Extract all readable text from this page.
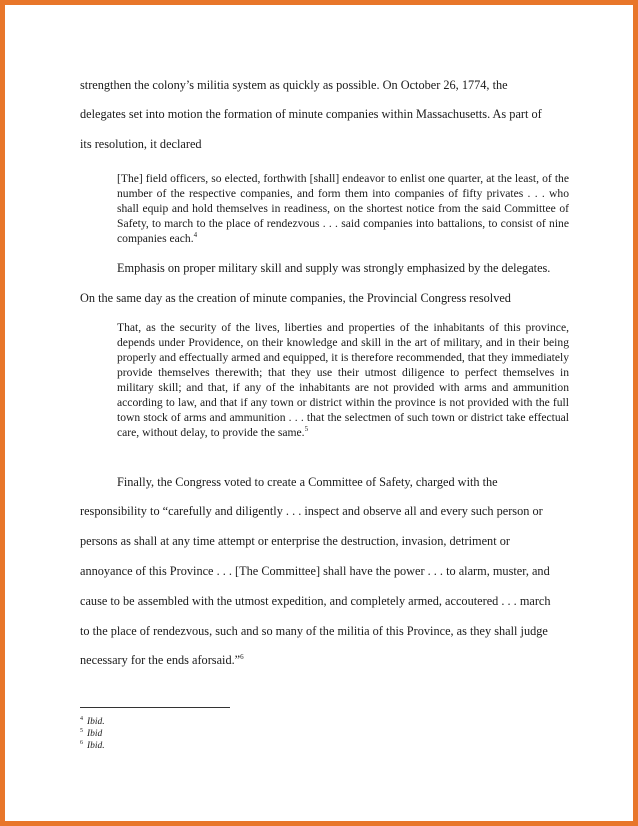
strengthen the colony’s militia system as quickly as possible. On October 26, 1774, the

delegates set into motion the formation of minute companies within Massachusetts. As part of

its resolution, it declared

[The] field officers, so elected, forthwith [shall] endeavor to enlist one quarter, at the least, of the number of the respective companies, and form them into companies of fifty privates . . . who shall equip and hold themselves in readiness, on the shortest notice from the said Committee of Safety, to march to the place of rendezvous . . . said companies into battalions, to consist of nine companies each.$^4$

Emphasis on proper military skill and supply was strongly emphasized by the delegates.

On the same day as the creation of minute companies, the Provincial Congress resolved

That, as the security of the lives, liberties and properties of the inhabitants of this province, depends under Providence, on their knowledge and skill in the art of military, and in their being properly and effectually armed and equipped, it is therefore recommended, that they immediately provide themselves therewith; that they use their utmost diligence to perfect themselves in military skill; and that, if any of the inhabitants are not provided with arms and ammunition according to law, and that if any town or district within the province is not provided with the full town stock of arms and ammunition . . . that the selectmen of such town or district take effectual care, without delay, to provide the same.$^5$

Finally, the Congress voted to create a Committee of Safety, charged with the

responsibility to “carefully and diligently . . . inspect and observe all and every such person or

persons as shall at any time attempt or enterprise the destruction, invasion, detriment or

annoyance of this Province . . . [The Committee] shall have the power . . . to alarm, muster, and

cause to be assembled with the utmost expedition, and completely armed, accoutered . . . march

to the place of rendezvous, such and so many of the militia of this Province, as they shall judge

necessary for the ends aforsaid.”$^6$

$^4$ Ibid.

$^5$ Ibid

$^6$ Ibid.
